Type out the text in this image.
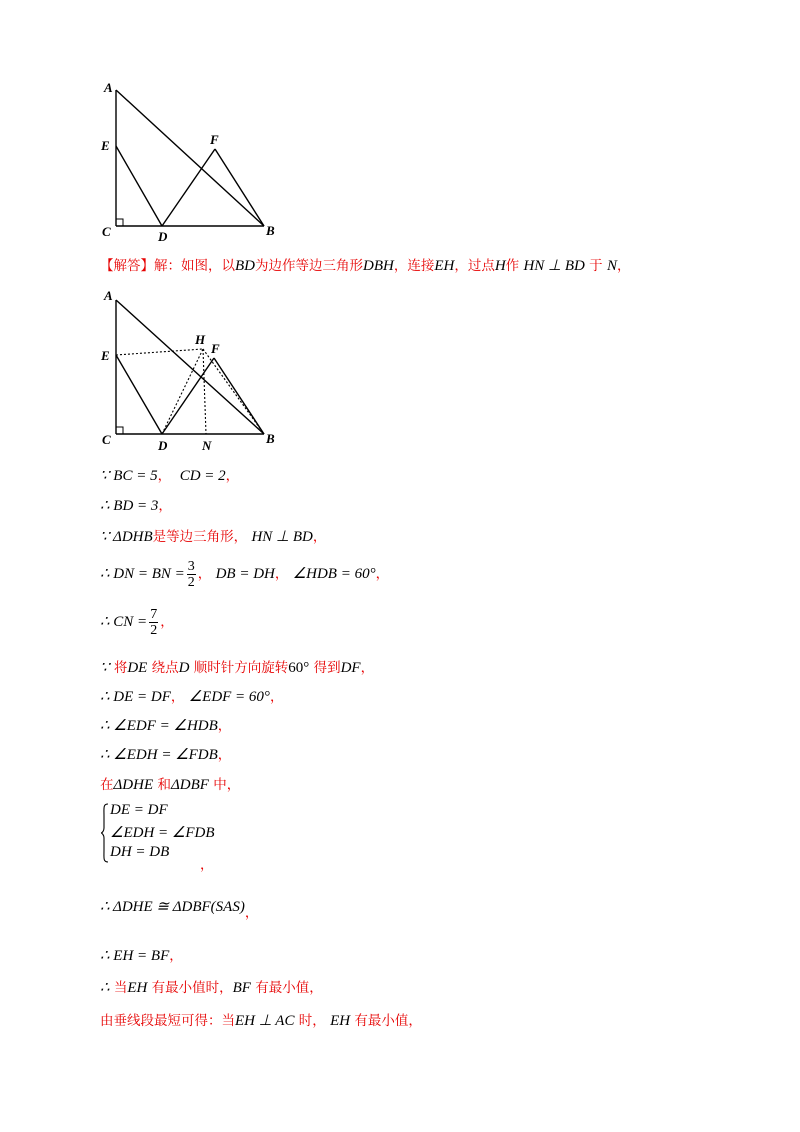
A
E	F
C	D	B
【解答】解：如图，以BD为边作等边三角形DBH，连接EH，过点H作 HN ⊥ BD 于 N，
A
E
H
F
C	D	N	B
∵ BC = 5， CD = 2，
∴ BD = 3，
∵ ΔDHB是等边三角形， HN ⊥ BD，
∴ DN = BN = $\frac{3}{2}$ ， DB = DH， ∠HDB = 60°，
∴ CN = $\frac{7}{2}$ ，
∵ 将DE 绕点D 顺时针方向旋转60° 得到DF，
∴ DE = DF， ∠EDF = 60°，
∴ ∠EDF = ∠HDB，
∴ ∠EDH = ∠FDB，
在ΔDHE 和ΔDBF 中，
DE = DF
∠EDH = ∠FDB
DH = DB
，
∴ ΔDHE ≅ ΔDBF(SAS)，
∴ EH = BF，
∴ 当EH 有最小值时，BF 有最小值，
由垂线段最短可得：当EH ⊥ AC 时， EH 有最小值，
